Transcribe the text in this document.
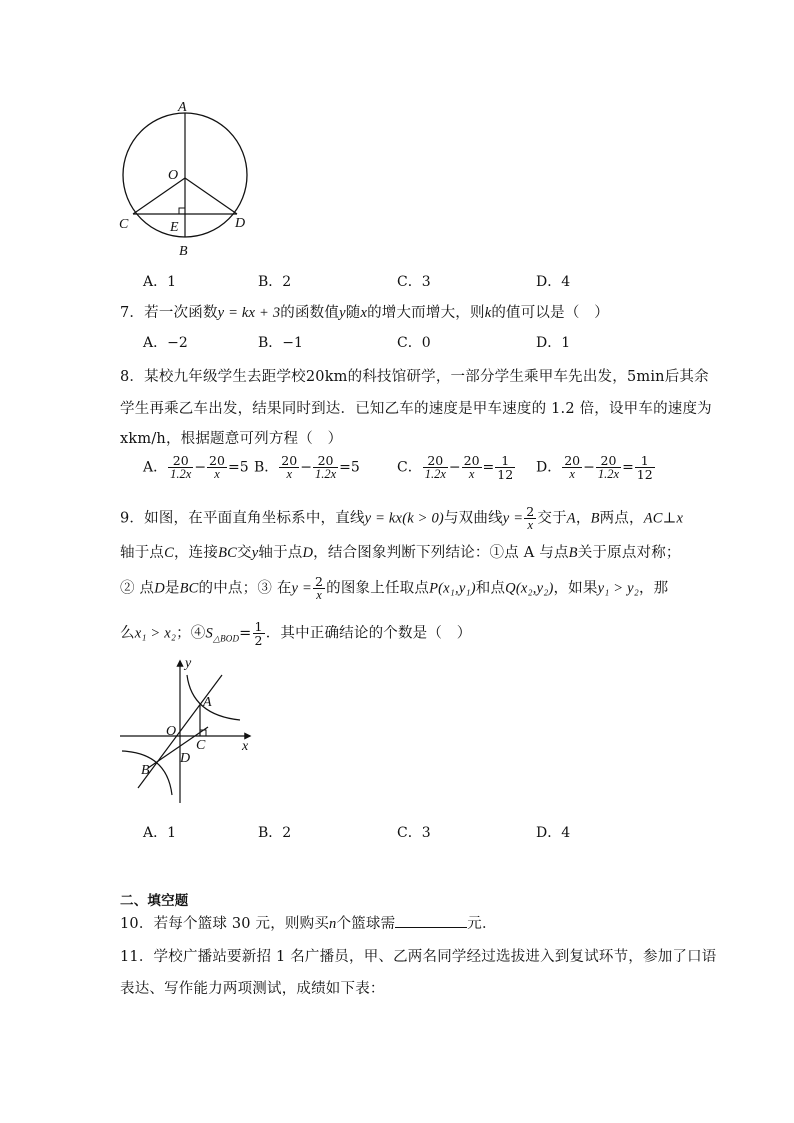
A
O
C	D
E
B
A．1	B．2	C．3	D．4
7．若一次函数y = kx + 3的函数值y随x的增大而增大，则k的值可以是（　）
A．−2	B．−1	C．0	D．1
8．某校九年级学生去距学校20km的科技馆研学，一部分学生乘甲车先出发，5min后其余
学生再乘乙车出发，结果同时到达．已知乙车的速度是甲车速度的 1.2 倍，设甲车的速度为
xkm/h，根据题意可列方程（　）
A． $\frac{20}{1.2x} - \frac{20}{x} =5$ B． $\frac{20}{x} - \frac{20}{1.2x} =5$	C． $\frac{20}{1.2x} - \frac{20}{x} = \frac{1}{12}$ D． $\frac{20}{x} - \frac{20}{1.2x} = \frac{1}{12}$
9．如图，在平面直角坐标系中，直线y = kx(k > 0)与双曲线$y = \frac{2}{x}$ 交于A，B两点，AC⊥x
轴于点C，连接BC交y轴于点D，结合图象判断下列结论：①点 A 与点B关于原点对称；
② 点D是BC的中点；③ 在$y = \frac{2}{x}$ 的图象上任取点P(x₁,y₁)和点Q(x₂,y₂)，如果y₁ > y₂，那
么x₁ > x₂；$④S_{\triangle BOD}= \frac{1}{2}$ ．其中正确结论的个数是（　）
y
x
A
O
C
D
B
A．1	B．2	C．3	D．4
二、填空题
10．若每个篮球 30 元，则购买n个篮球需	元．
11．学校广播站要新招 1 名广播员，甲、乙两名同学经过选拔进入到复试环节，参加了口语
表达、写作能力两项测试，成绩如下表：
